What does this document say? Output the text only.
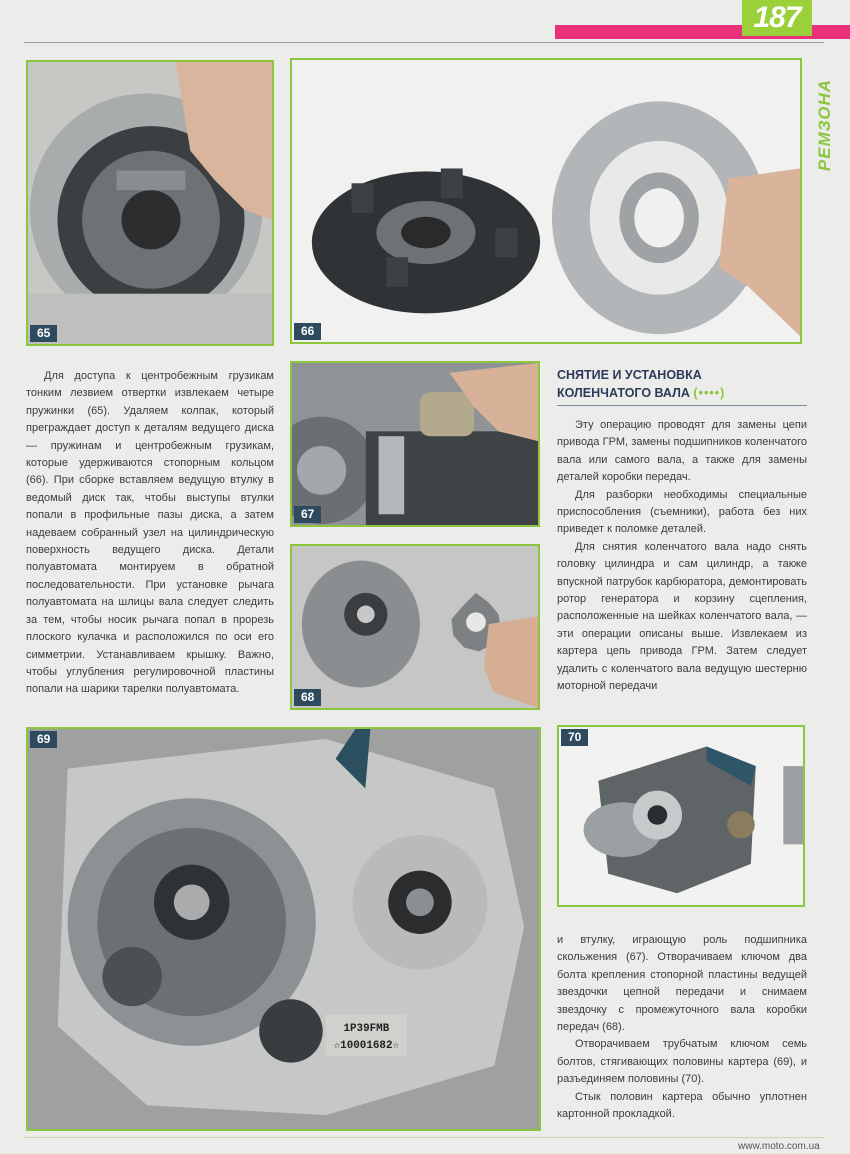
187
РЕМЗОНА
65	66
67
68
1P39FMB
☆10001682☆
69	70

Для доступа к центробежным грузикам тонким лезвием отвертки извлекаем четыре пружинки (65). Удаляем колпак, который преграждает доступ к деталям ведущего диска — пружинам и центробежным грузикам, которые удерживаются стопорным кольцом (66). При сборке вставляем ведущую втулку в ведомый диск так, чтобы выступы втулки попали в профильные пазы диска, а затем надеваем собранный узел на цилиндрическую поверхность ведущего диска. Детали полуавтомата монтируем в обратной последовательности. При установке рычага полуавтомата на шлицы вала следует следить за тем, чтобы носик рычага попал в прорезь плоского кулачка и расположился по оси его симметрии. Устанавливаем крышку. Важно, чтобы углубления регулировочной пластины попали на шарики тарелки полуавтомата.

СНЯТИЕ И УСТАНОВКА
КОЛЕНЧАТОГО ВАЛА (••••)

Эту операцию проводят для замены цепи привода ГРМ, замены подшипников коленчатого вала или самого вала, а также для замены деталей коробки передач.

Для разборки необходимы специальные приспособления (съемники), работа без них приведет к поломке деталей.

Для снятия коленчатого вала надо снять головку цилиндра и сам цилиндр, а также впускной патрубок карбюратора, демонтировать ротор генератора и корзину сцепления, расположенные на шейках коленчатого вала, — эти операции описаны выше. Извлекаем из картера цепь привода ГРМ. Затем следует удалить с коленчатого вала ведущую шестерню моторной передачи

и втулку, играющую роль подшипника скольжения (67). Отворачиваем ключом два болта крепления стопорной пластины ведущей звездочки цепной передачи и снимаем звездочку с промежуточного вала коробки передач (68).

Отворачиваем трубчатым ключом семь болтов, стягивающих половины картера (69), и разъединяем половины (70).

Стык половин картера обычно уплотнен картонной прокладкой.

www.moto.com.ua
